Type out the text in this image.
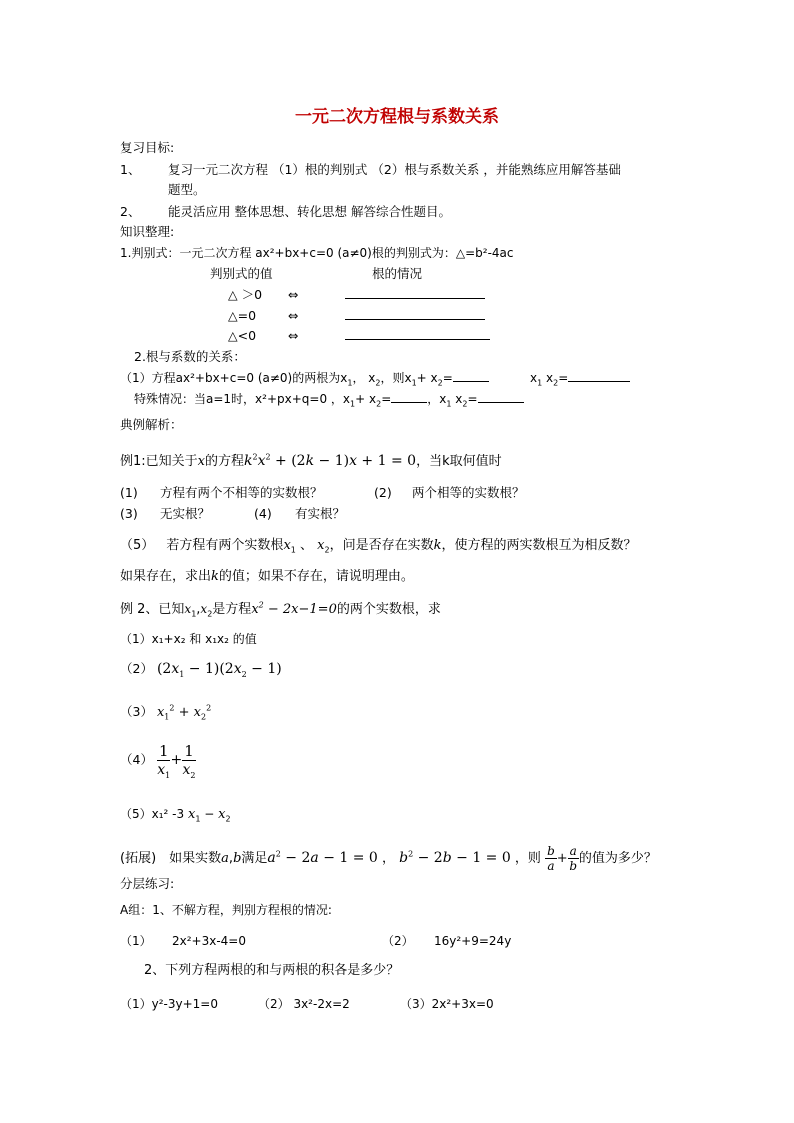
一元二次方程根与系数关系
复习目标:
1、 复习一元二次方程 （1）根的判别式 （2）根与系数关系 ，并能熟练应用解答基础
题型。
2、 能灵活应用 整体思想、转化思想 解答综合性题目。
知识整理:
1.判别式：一元二次方程 ax²+bx+c=0 (a≠0)根的判别式为：△=b²-4ac
判别式的值	根的情况
△ ＞0 ⇔
△=0	⇔
△<0	⇔
2.根与系数的关系：
（1）方程ax²+bx+c=0 (a≠0)的两根为$x_1$， $x_2$，则$x_1+ x_2=$	$x_1$ $x_2=$
特殊情况：当a=1时，x²+px+q=0 ，$x_1+ x_2=$	，$x_1$ $x_2=$
典例解析：
例1:已知关于x的方程$k^2x^2 + (2k - 1)x + 1 = 0$，当k取何值时
(1) 方程有两个不相等的实数根？	(2) 两个相等的实数根？
(3) 无实根？	(4) 有实根？
（5） 若方程有两个实数根$x_1$ 、 $x_2$，问是否存在实数k，使方程的两实数根互为相反数？
如果存在，求出k的值；如果不存在，请说明理由。
例 2、已知$x_1,x_2$是方程$x^2 - 2x-1=0$的两个实数根，求
（1）x₁+x₂ 和 x₁x₂ 的值
（2） $(2x_1 - 1)(2x_2 - 1)$
（3） $x_1^2 + x_2^2$
$(4) \frac{1}{x_1} + \frac{1}{x_2}$
（5）x₁² -3 $x_1 - x_2$
(拓展)　如果实数a,b满足$a^2 - 2a - 1 = 0$ ， $b^2 - 2b - 1 = 0$ ，则 $\frac{b}{a} + \frac{a}{b}$ 的值为多少？
分层练习:
A组：1、不解方程，判别方程根的情况:
（1） 2x²+3x-4=0	（2） 16y²+9=24y
2、下列方程两根的和与两根的积各是多少？
（1）y²-3y+1=0	（2） 3x²-2x=2	（3）2x²+3x=0
